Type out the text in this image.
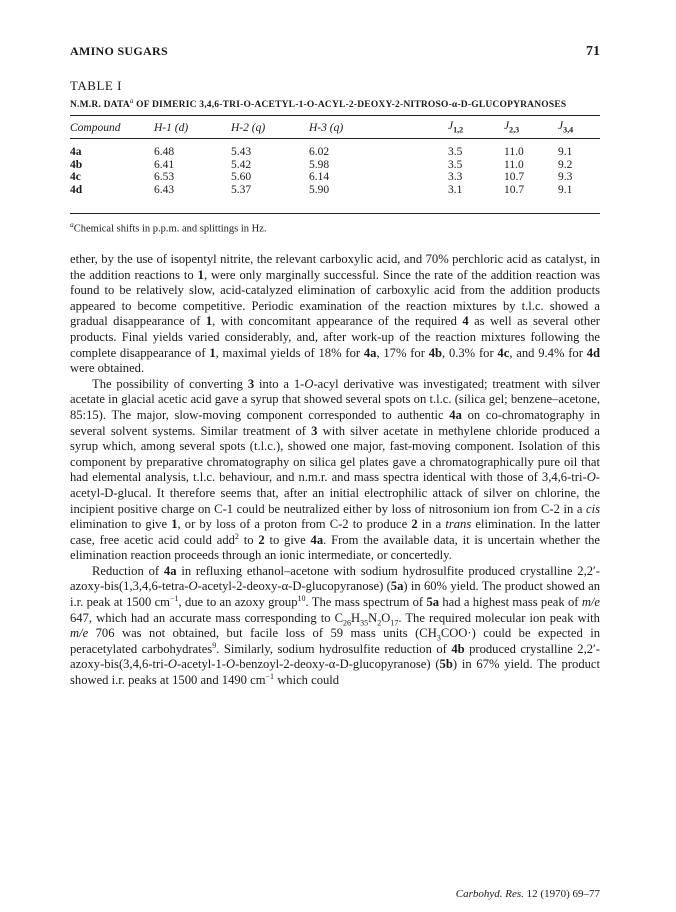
AMINO SUGARS	71
TABLE I
N.M.R. DATA$^a$ OF DIMERIC 3,4,6-TRI-O-ACETYL-1-O-ACYL-2-DEOXY-2-NITROSO-α-D-GLUCOPYRANOSES
Compound	H-1 (d)	H-2 (q)	H-3 (q)	$J_{1,2}$	$J_{2,3}$	$J_{3,4}$
4a	6.48	5.43	6.02	3.5	11.0	9.1
4b	6.41	5.42	5.98	3.5	11.0	9.2
4c	6.53	5.60	6.14	3.3	10.7	9.3
4d	6.43	5.37	5.90	3.1	10.7	9.1
$^a$Chemical shifts in p.p.m. and splittings in Hz.

ether, by the use of isopentyl nitrite, the relevant carboxylic acid, and 70% perchloric acid as catalyst, in the addition reactions to 1, were only marginally successful. Since the rate of the addition reaction was found to be relatively slow, acid-catalyzed elimination of carboxylic acid from the addition products appeared to become competitive. Periodic examination of the reaction mixtures by t.l.c. showed a gradual disappearance of 1, with concomitant appearance of the required 4 as well as several other products. Final yields varied considerably, and, after work-up of the reaction mixtures following the complete disappearance of 1, maximal yields of 18% for 4a, 17% for 4b, 0.3% for 4c, and 9.4% for 4d were obtained.

The possibility of converting 3 into a 1-O-acyl derivative was investigated; treatment with silver acetate in glacial acetic acid gave a syrup that showed several spots on t.l.c. (silica gel; benzene–acetone, 85:15). The major, slow-moving component corresponded to authentic 4a on co-chromatography in several solvent systems. Similar treatment of 3 with silver acetate in methylene chloride produced a syrup which, among several spots (t.l.c.), showed one major, fast-moving component. Isolation of this component by preparative chromatography on silica gel plates gave a chromatographically pure oil that had elemental analysis, t.l.c. behaviour, and n.m.r. and mass spectra identical with those of 3,4,6-tri-O-acetyl-D-glucal. It therefore seems that, after an initial electrophilic attack of silver on chlorine, the incipient positive charge on C-1 could be neutralized either by loss of nitrosonium ion from C-2 in a cis elimination to give 1, or by loss of a proton from C-2 to produce 2 in a trans elimination. In the latter case, free acetic acid could add$^2$ to 2 to give 4a. From the available data, it is uncertain whether the elimination reaction proceeds through an ionic intermediate, or concertedly.

Reduction of 4a in refluxing ethanol–acetone with sodium hydrosulfite produced crystalline 2,2′-azoxy-bis(1,3,4,6-tetra-O-acetyl-2-deoxy-α-D-glucopyranose) (5a) in 60% yield. The product showed an i.r. peak at 1500 $cm^{-1}$, due to an azoxy group$^{10}$. The mass spectrum of 5a had a highest mass peak of m/e 647, which had an accurate mass corresponding to $C_{26}H_{35}N_2O_{17}$. The required molecular ion peak with m/e 706 was not obtained, but facile loss of 59 mass units $(CH_3COO\cdot)$ could be expected in peracetylated carbohydrates$^9$. Similarly, sodium hydrosulfite reduction of 4b produced crystalline 2,2′-azoxy-bis(3,4,6-tri-O-acetyl-1-O-benzoyl-2-deoxy-α-D-glucopyranose) (5b) in 67% yield. The product showed i.r. peaks at 1500 and 1490 $cm^{-1}$ which could

Carbohyd. Res. 12 (1970) 69–77
